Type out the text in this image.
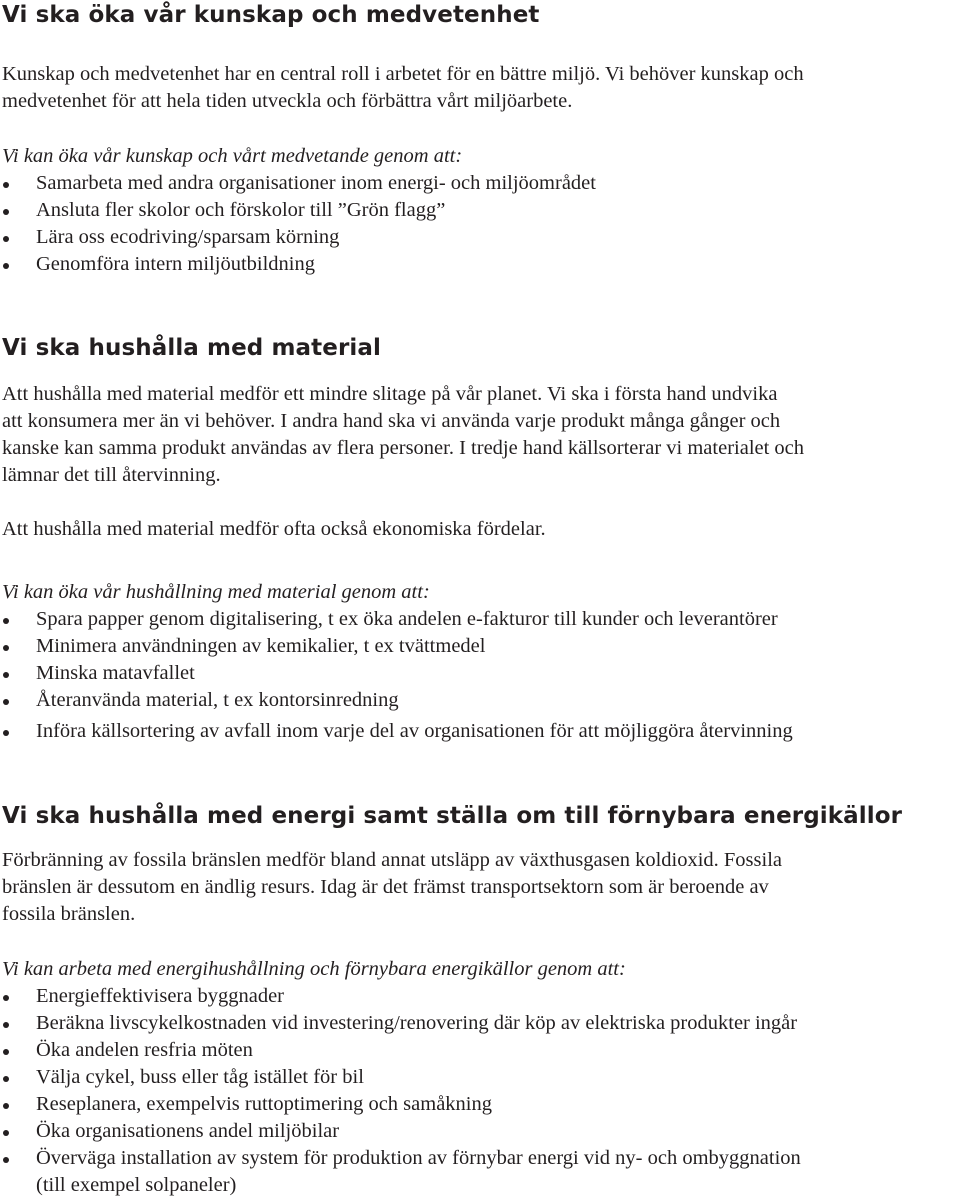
Vi ska öka vår kunskap och medvetenhet

Kunskap och medvetenhet har en central roll i arbetet för en bättre miljö. Vi behöver kunskap och

medvetenhet för att hela tiden utveckla och förbättra vårt miljöarbete.

Vi kan öka vår kunskap och vårt medvetande genom att:

Samarbeta med andra organisationer inom energi- och miljöområdet
Ansluta fler skolor och förskolor till ”Grön flagg”
Lära oss ecodriving/sparsam körning
Genomföra intern miljöutbildning
Vi ska hushålla med material

Att hushålla med material medför ett mindre slitage på vår planet. Vi ska i första hand undvika

att konsumera mer än vi behöver. I andra hand ska vi använda varje produkt många gånger och

kanske kan samma produkt användas av flera personer. I tredje hand källsorterar vi materialet och

lämnar det till återvinning.

Att hushålla med material medför ofta också ekonomiska fördelar.

Vi kan öka vår hushållning med material genom att:

Spara papper genom digitalisering, t ex öka andelen e-fakturor till kunder och leverantörer
Minimera användningen av kemikalier, t ex tvättmedel
Minska matavfallet
Återanvända material, t ex kontorsinredning
Införa källsortering av avfall inom varje del av organisationen för att möjliggöra återvinning
Vi ska hushålla med energi samt ställa om till förnybara energikällor

Förbränning av fossila bränslen medför bland annat utsläpp av växthusgasen koldioxid. Fossila

bränslen är dessutom en ändlig resurs. Idag är det främst transportsektorn som är beroende av

fossila bränslen.

Vi kan arbeta med energihushållning och förnybara energikällor genom att:

Energieffektivisera byggnader
Beräkna livscykelkostnaden vid investering/renovering där köp av elektriska produkter ingår
Öka andelen resfria möten
Välja cykel, buss eller tåg istället för bil
Reseplanera, exempelvis ruttoptimering och samåkning
Öka organisationens andel miljöbilar
Överväga installation av system för produktion av förnybar energi vid ny- och ombyggnation

(till exempel solpaneler)
